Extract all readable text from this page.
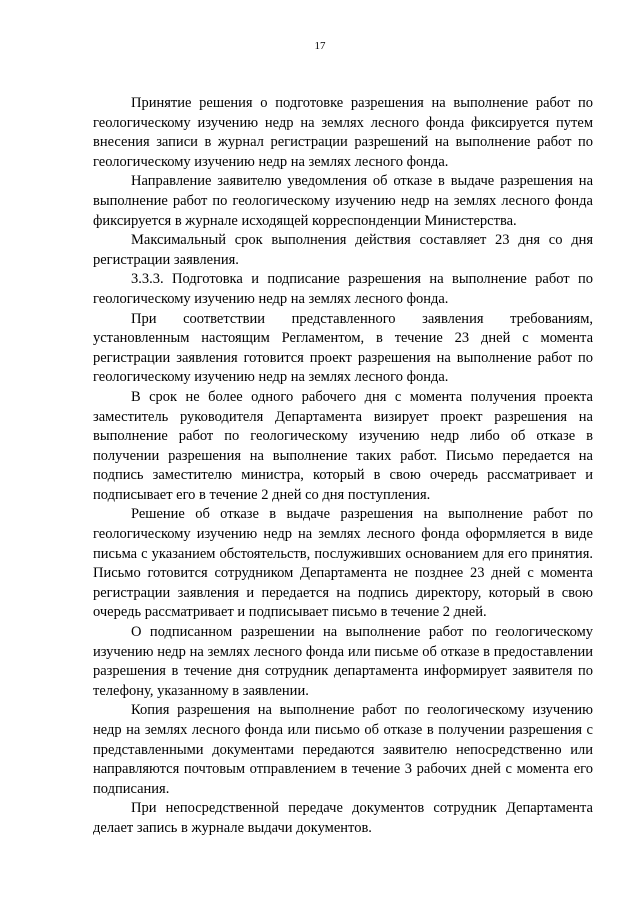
17

Принятие решения о подготовке разрешения на выполнение работ по геологическому изучению недр на землях лесного фонда фиксируется путем внесения записи в журнал регистрации разрешений на выполнение работ по геологическому изучению недр на землях лесного фонда.

Направление заявителю уведомления об отказе в выдаче разрешения на выполнение работ по геологическому изучению недр на землях лесного фонда фиксируется в журнале исходящей корреспонденции Министерства.

Максимальный срок выполнения действия составляет 23 дня со дня регистрации заявления.

3.3.3. Подготовка и подписание разрешения на выполнение работ по геологическому изучению недр на землях лесного фонда.

При соответствии представленного заявления требованиям, установленным настоящим Регламентом, в течение 23 дней с момента регистрации заявления готовится проект разрешения на выполнение работ по геологическому изучению недр на землях лесного фонда.

В срок не более одного рабочего дня с момента получения проекта заместитель руководителя Департамента визирует проект разрешения на выполнение работ по геологическому изучению недр либо об отказе в получении разрешения на выполнение таких работ. Письмо передается на подпись заместителю министра, который в свою очередь рассматривает и подписывает его в течение 2 дней со дня поступления.

Решение об отказе в выдаче разрешения на выполнение работ по геологическому изучению недр на землях лесного фонда оформляется в виде письма с указанием обстоятельств, послуживших основанием для его принятия. Письмо готовится сотрудником Департамента не позднее 23 дней с момента регистрации заявления и передается на подпись директору, который в свою очередь рассматривает и подписывает письмо в течение 2 дней.

О подписанном разрешении на выполнение работ по геологическому изучению недр на землях лесного фонда или письме об отказе в предоставлении разрешения в течение дня сотрудник департамента информирует заявителя по телефону, указанному в заявлении.

Копия разрешения на выполнение работ по геологическому изучению недр на землях лесного фонда или письмо об отказе в получении разрешения с представленными документами передаются заявителю непосредственно или направляются почтовым отправлением в течение 3 рабочих дней с момента его подписания.

При непосредственной передаче документов сотрудник Департамента делает запись в журнале выдачи документов.
